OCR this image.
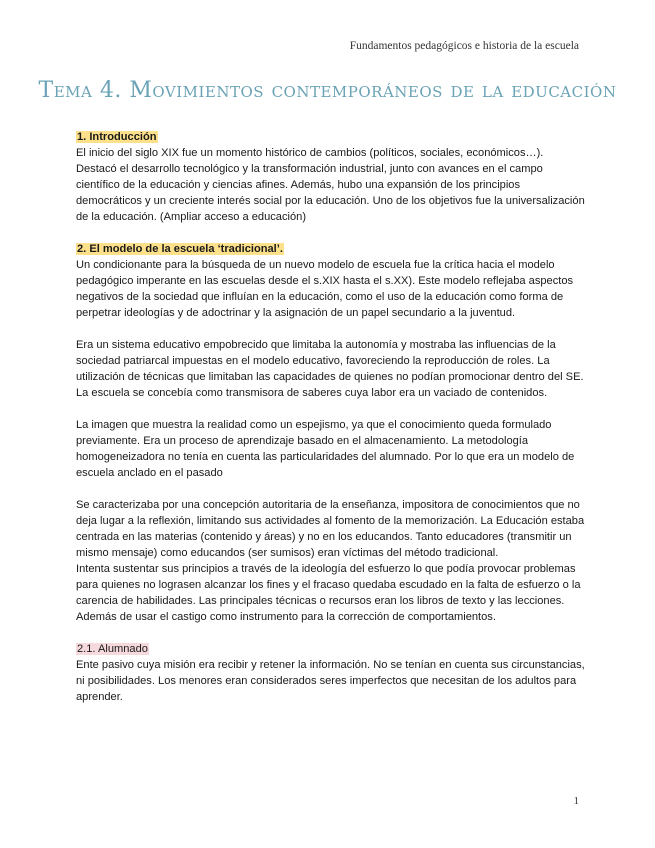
Fundamentos pedagógicos e historia de la escuela
Tema 4. Movimientos contemporáneos de la educación
1. Introducción

El inicio del siglo XIX fue un momento histórico de cambios (políticos, sociales, económicos…). Destacó el desarrollo tecnológico y la transformación industrial, junto con avances en el campo científico de la educación y ciencias afines. Además, hubo una expansión de los principios democráticos y un creciente interés social por la educación. Uno de los objetivos fue la universalización de la educación. (Ampliar acceso a educación)

2. El modelo de la escuela ‘tradicional’.

Un condicionante para la búsqueda de un nuevo modelo de escuela fue la crítica hacia el modelo pedagógico imperante en las escuelas desde el s.XIX hasta el s.XX). Este modelo reflejaba aspectos negativos de la sociedad que influían en la educación, como el uso de la educación como forma de perpetrar ideologías y de adoctrinar y la asignación de un papel secundario a la juventud.

Era un sistema educativo empobrecido que limitaba la autonomía y mostraba las influencias de la sociedad patriarcal impuestas en el modelo educativo, favoreciendo la reproducción de roles. La utilización de técnicas que limitaban las capacidades de quienes no podían promocionar dentro del SE. La escuela se concebía como transmisora de saberes cuya labor era un vaciado de contenidos.

La imagen que muestra la realidad como un espejismo, ya que el conocimiento queda formulado previamente. Era un proceso de aprendizaje basado en el almacenamiento. La metodología homogeneizadora no tenía en cuenta las particularidades del alumnado. Por lo que era un modelo de escuela anclado en el pasado

Se caracterizaba por una concepción autoritaria de la enseñanza, impositora de conocimientos que no deja lugar a la reflexión, limitando sus actividades al fomento de la memorización. La Educación estaba centrada en las materias (contenido y áreas) y no en los educandos. Tanto educadores (transmitir un mismo mensaje) como educandos (ser sumisos) eran víctimas del método tradicional.

Intenta sustentar sus principios a través de la ideología del esfuerzo lo que podía provocar problemas para quienes no lograsen alcanzar los fines y el fracaso quedaba escudado en la falta de esfuerzo o la carencia de habilidades. Las principales técnicas o recursos eran los libros de texto y las lecciones. Además de usar el castigo como instrumento para la corrección de comportamientos.

2.1. Alumnado

Ente pasivo cuya misión era recibir y retener la información. No se tenían en cuenta sus circunstancias, ni posibilidades. Los menores eran considerados seres imperfectos que necesitan de los adultos para aprender.

1
